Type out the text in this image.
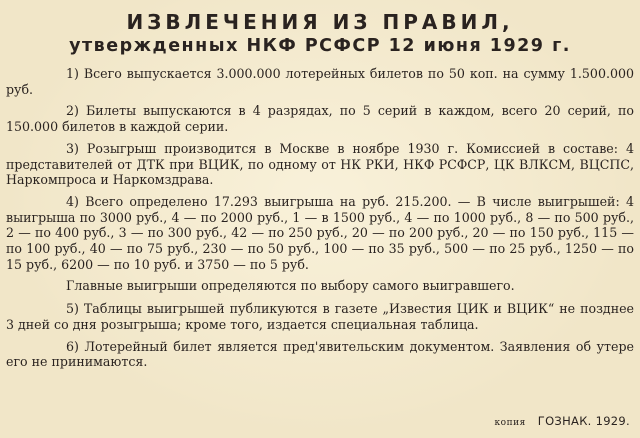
ИЗВЛЕЧЕНИЯ ИЗ ПРАВИЛ,
утвержденных НКФ РСФСР 12 июня 1929 г.

1) Всего выпускается 3.000.000 лотерейных билетов по 50 коп. на сумму 1.500.000 руб.

2) Билеты выпускаются в 4 разрядах, по 5 серий в каждом, всего 20 серий, по 150.000 билетов в каждой серии.

3) Розыгрыш производится в Москве в ноябре 1930 г. Комиссией в составе: 4 представителей от ДТК при ВЦИК, по одному от НК РКИ, НКФ РСФСР, ЦК ВЛКСМ, ВЦСПС, Наркомпроса и Наркомздрава.

4) Всего определено 17.293 выигрыша на руб. 215.200. — В числе выигрышей: 4 выигрыша по 3000 руб., 4 — по 2000 руб., 1 — в 1500 руб., 4 — по 1000 руб., 8 — по 500 руб., 2 — по 400 руб., 3 — по 300 руб., 42 — по 250 руб., 20 — по 200 руб., 20 — по 150 руб., 115 — по 100 руб., 40 — по 75 руб., 230 — по 50 руб., 100 — по 35 руб., 500 — по 25 руб., 1250 — по 15 руб., 6200 — по 10 руб. и 3750 — по 5 руб.

Главные выигрыши определяются по выбору самого выигравшего.

5) Таблицы выигрышей публикуются в газете „Известия ЦИК и ВЦИК“ не позднее 3 дней со дня розыгрыша; кроме того, издается специальная таблица.

6) Лотерейный билет является пред'явительским документом. Заявления об утере его не принимаются.

копия ГОЗНАК. 1929.
